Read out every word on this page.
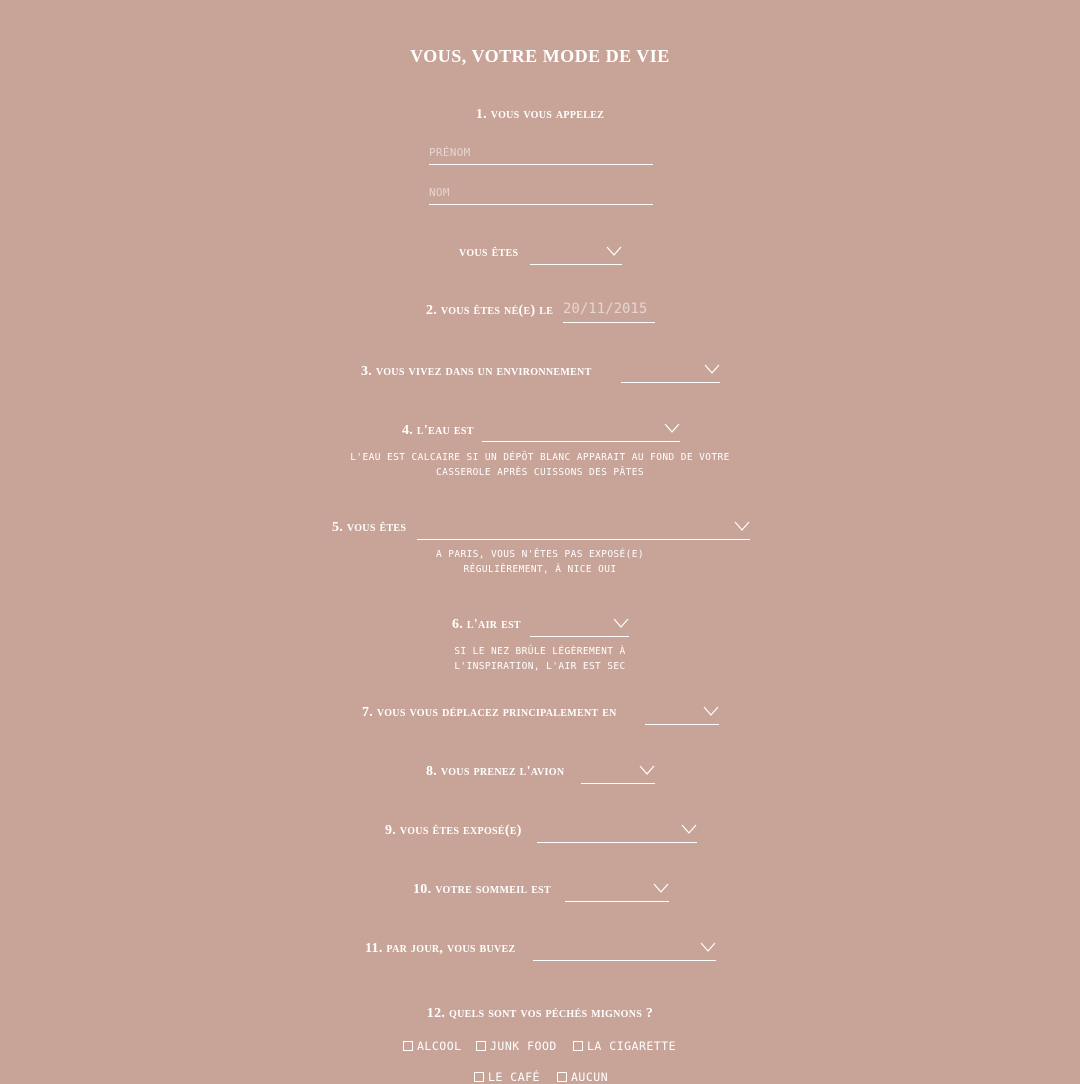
VOUS, VOTRE MODE DE VIE
1. vous vous appelez
PRÉNOM
NOM
vous êtes
2. vous êtes né(e) le 20/11/2015
3. vous vivez dans un environnement
4. l'eau est
L'EAU EST CALCAIRE SI UN DÉPÔT BLANC APPARAIT AU FOND DE VOTRE
CASSEROLE APRÈS CUISSONS DES PÂTES
5. vous êtes
A PARIS, VOUS N'ÊTES PAS EXPOSÉ(E)
RÉGULIÈREMENT, À NICE OUI
6. l'air est
SI LE NEZ BRÛLE LÉGÈREMENT À
L'INSPIRATION, L'AIR EST SEC
7. vous vous déplacez principalement en
8. vous prenez l'avion
9. vous êtes exposé(e)
10. votre sommeil est
11. par jour, vous buvez
12. quels sont vos péchés mignons ?
ALCOOL JUNK FOOD	LA CIGARETTE
LE CAFÉ	AUCUN
